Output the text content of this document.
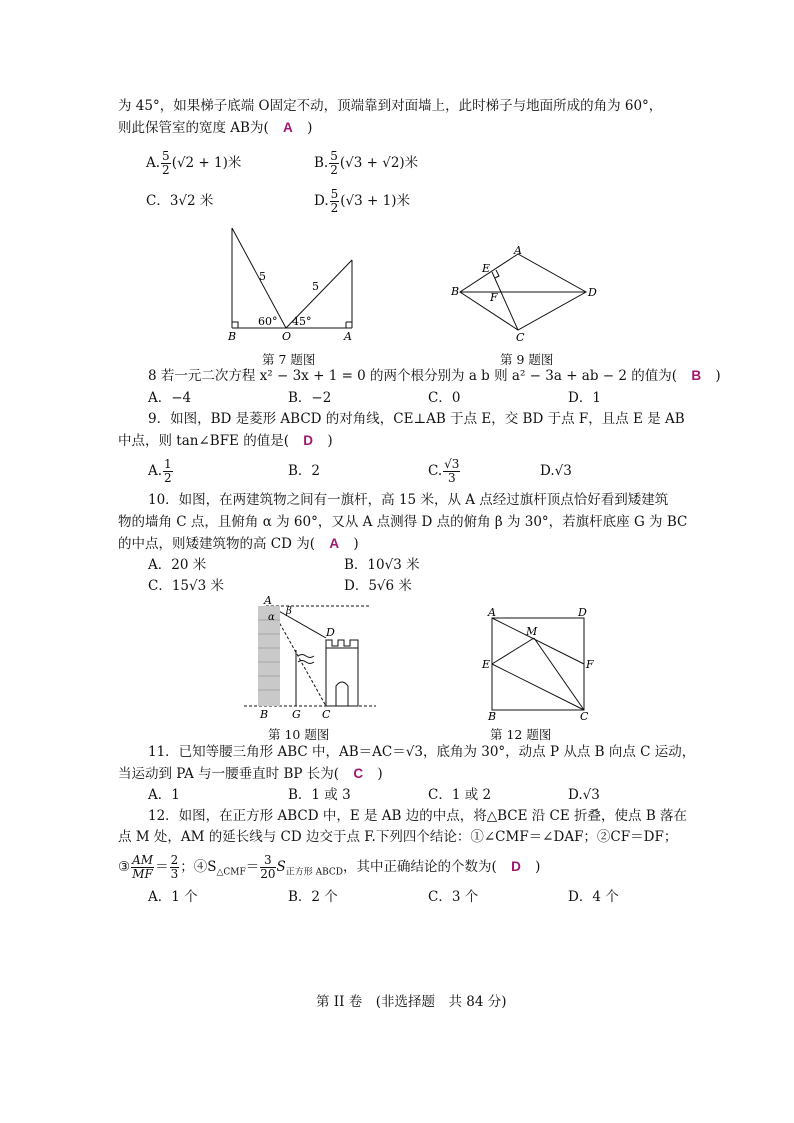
为 45°，如果梯子底端 O固定不动，顶端靠到对面墙上，此时梯子与地面所成的角为 60°，
则此保管室的宽度 AB为( A )
A. $\frac{5}{2} (√2 + 1)$米	B. $\frac{5}{2} (√3 + √2)$米
C．3√2 米	D. $\frac{5}{2} (√3 + 1)$米
5
5
60° 45°
B	O	A
第 7 题图
A
E
B	F	D
C
第 9 题图
8 若一元二次方程 x² − 3x + 1 = 0 的两个根分别为 a b 则 a² − 3a + ab − 2 的值为( B )
A．−4	B．−2	C．0	D．1
9．如图，BD 是菱形 ABCD 的对角线，CE⊥AB 于点 E，交 BD 于点 F，且点 E 是 AB
中点，则 tan∠BFE 的值是( D )
A. $\frac{1}{2}$	B．2	C. $\frac{√3}{3}$	D.√3
10．如图，在两建筑物之间有一旗杆，高 15 米，从 A 点经过旗杆顶点恰好看到矮建筑
物的墙角 C 点，且俯角 α 为 60°，又从 A 点测得 D 点的俯角 β 为 30°，若旗杆底座 G 为 BC
的中点，则矮建筑物的高 CD 为( A )
A．20 米	B．10√3 米
C．15√3 米	D．5√6 米
A
α
β
D
B G C
第 10 题图
A	D
M
E	F
B	C
第 12 题图
11．已知等腰三角形 ABC 中，AB＝AC＝√3，底角为 30°，动点 P 从点 B 向点 C 运动，
当运动到 PA 与一腰垂直时 BP 长为( C )
A．1	B．1 或 3	C．1 或 2	D.√3
12．如图，在正方形 ABCD 中，E 是 AB 边的中点，将△BCE 沿 CE 折叠，使点 B 落在
点 M 处，AM 的延长线与 CD 边交于点 F.下列四个结论：①∠CMF＝∠DAF；②CF＝DF；
③ $\frac{AM}{MF} = \frac{2}{3}$ ；$④S_{\triangle CMF}= \frac{3}{20} S_{正方形 ABCD}$，其中正确结论的个数为( D )
A．1 个	B．2 个	C．3 个	D．4 个
第 II 卷　(非选择题　共 84 分)
